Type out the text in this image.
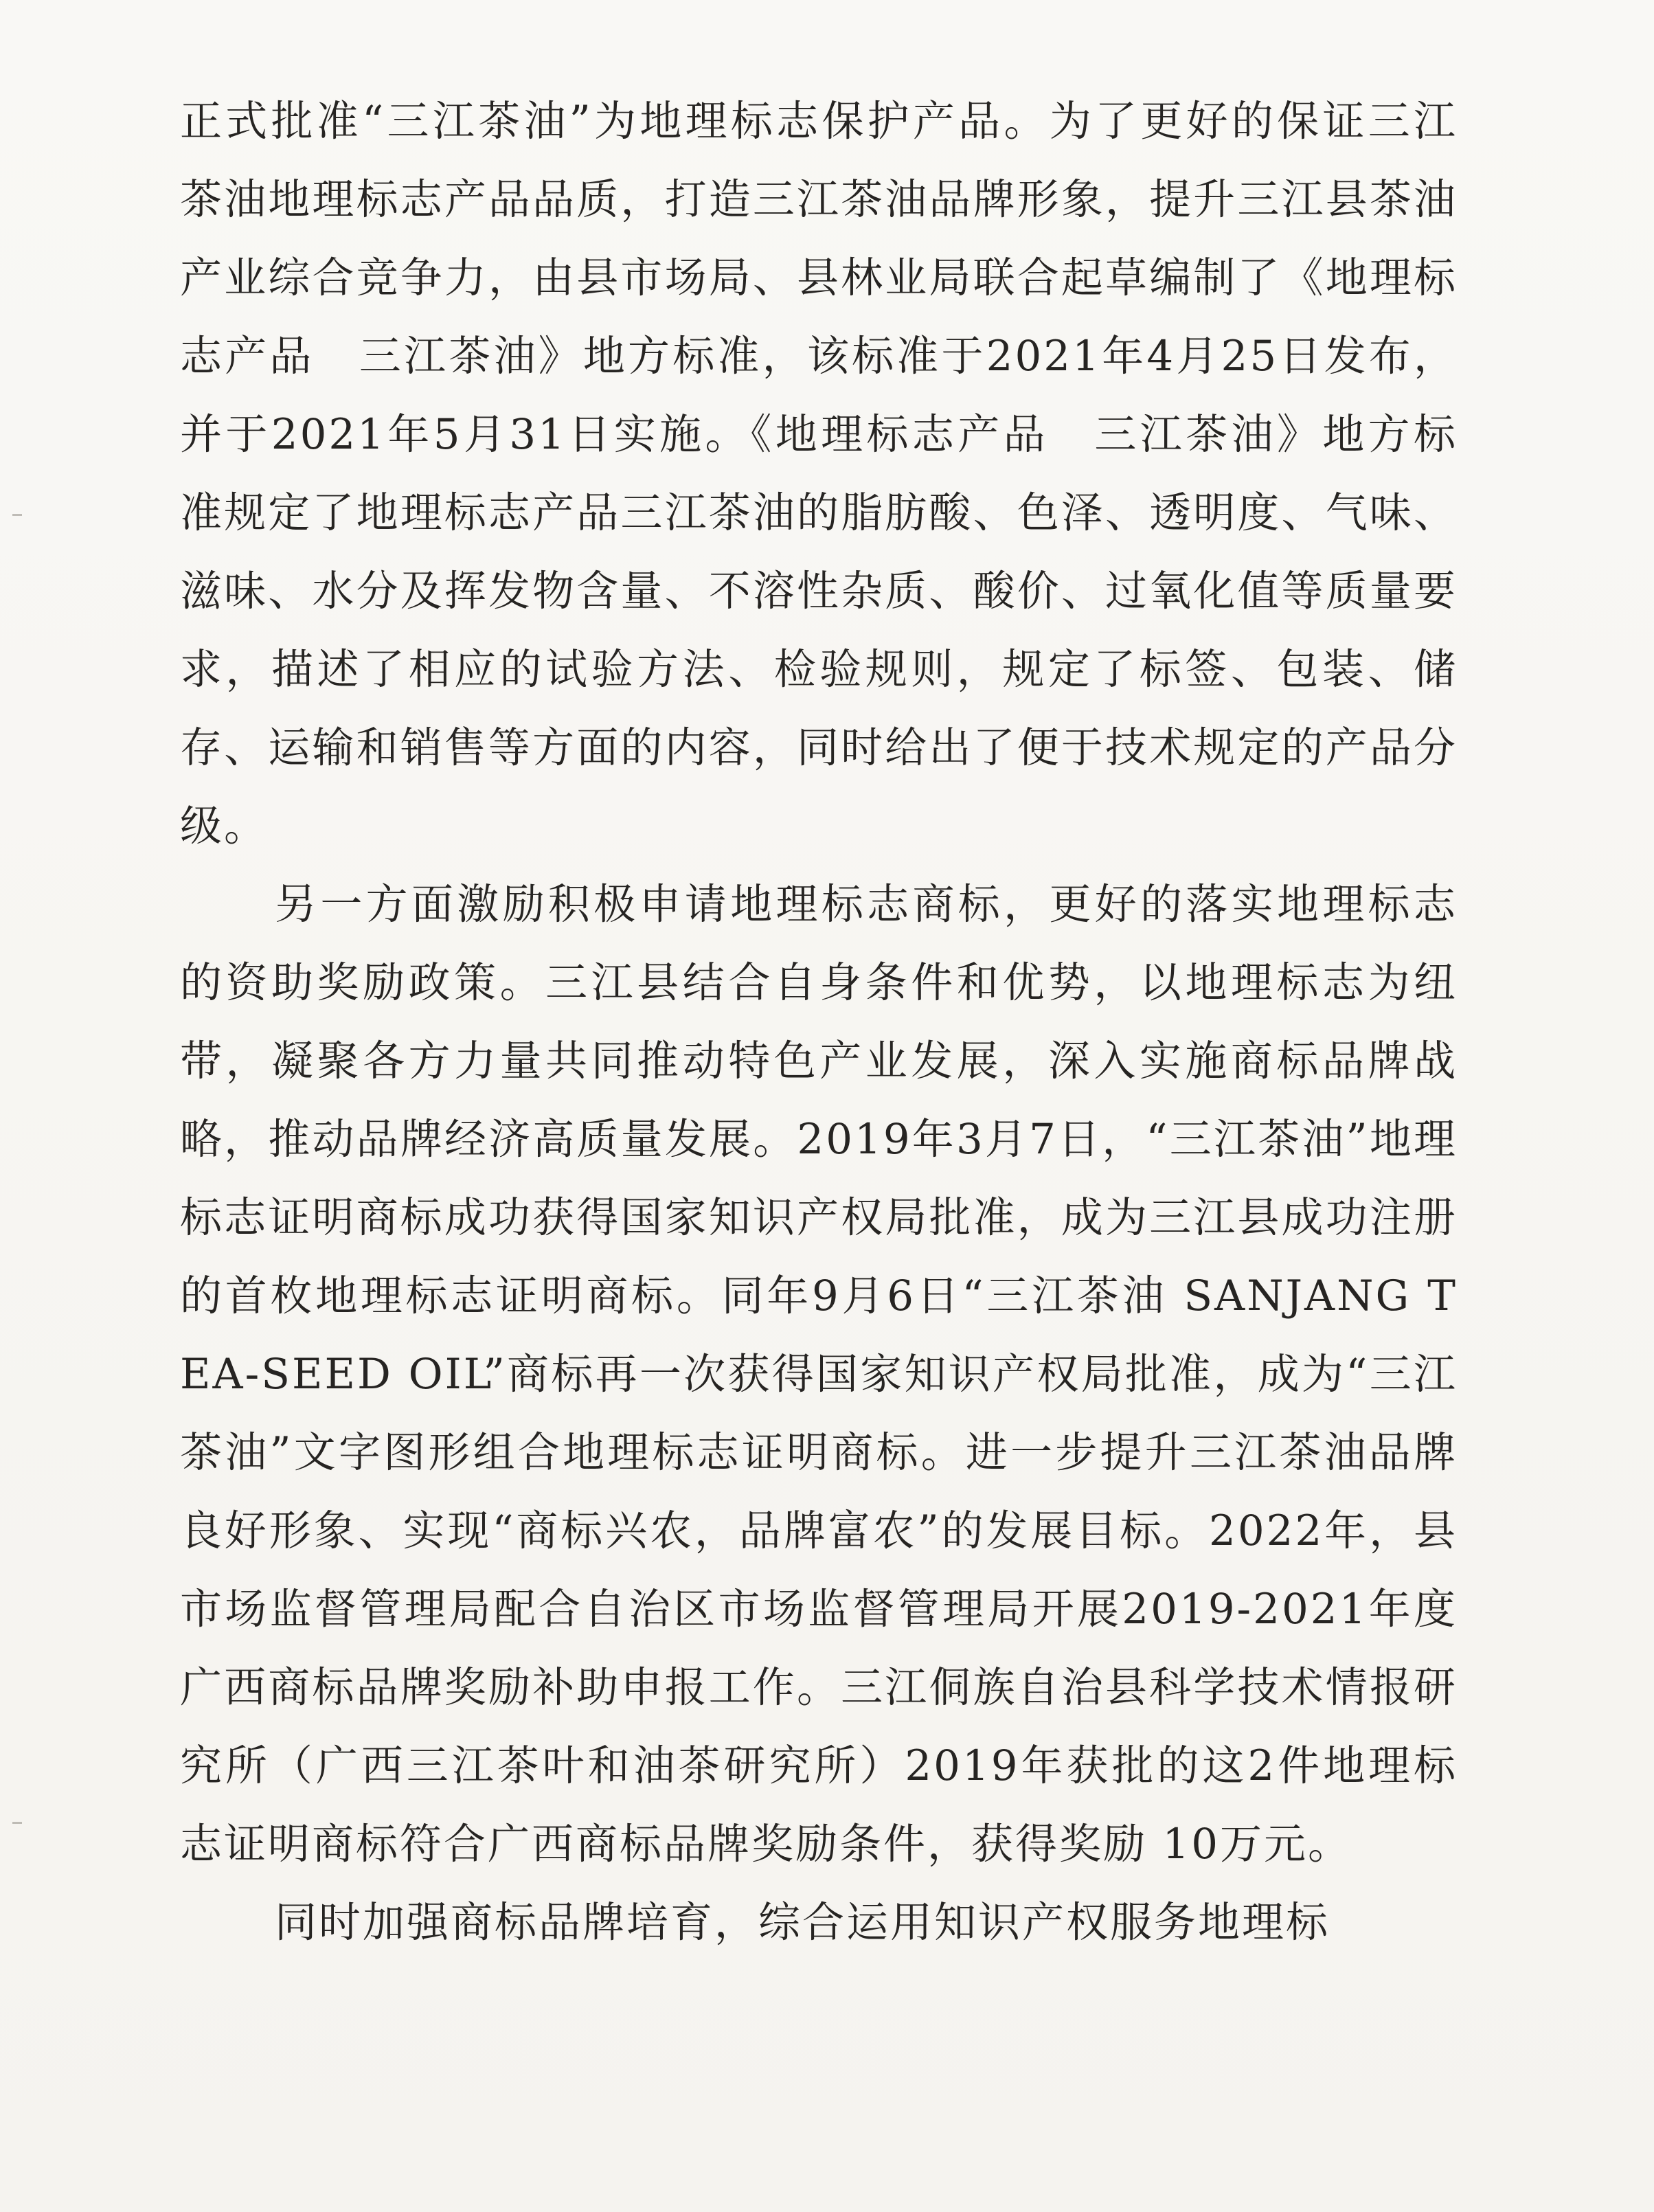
正式批准“三江茶油”为地理标志保护产品。为了更好的保证三江茶油地理标志产品品质，打造三江茶油品牌形象，提升三江县茶油产业综合竞争力，由县市场局、县林业局联合起草编制了《地理标志产品　三江茶油》地方标准，该标准于2021年4月25日发布，并于2021年5月31日实施。《地理标志产品　三江茶油》地方标准规定了地理标志产品三江茶油的脂肪酸、色泽、透明度、气味、滋味、水分及挥发物含量、不溶性杂质、酸价、过氧化值等质量要求，描述了相应的试验方法、检验规则，规定了标签、包装、储存、运输和销售等方面的内容，同时给出了便于技术规定的产品分级。

另一方面激励积极申请地理标志商标，更好的落实地理标志的资助奖励政策。三江县结合自身条件和优势，以地理标志为纽带，凝聚各方力量共同推动特色产业发展，深入实施商标品牌战略，推动品牌经济高质量发展。2019年3月7日，“三江茶油”地理标志证明商标成功获得国家知识产权局批准，成为三江县成功注册的首枚地理标志证明商标。同年9月6日“三江茶油 SANJANG TEA-SEED OIL”商标再一次获得国家知识产权局批准，成为“三江茶油”文字图形组合地理标志证明商标。进一步提升三江茶油品牌良好形象、实现“商标兴农，品牌富农”的发展目标。2022年，县市场监督管理局配合自治区市场监督管理局开展2019-2021年度广西商标品牌奖励补助申报工作。三江侗族自治县科学技术情报研究所（广西三江茶叶和油茶研究所）2019年获批的这2件地理标志证明商标符合广西商标品牌奖励条件，获得奖励 10万元。

同时加强商标品牌培育，综合运用知识产权服务地理标
